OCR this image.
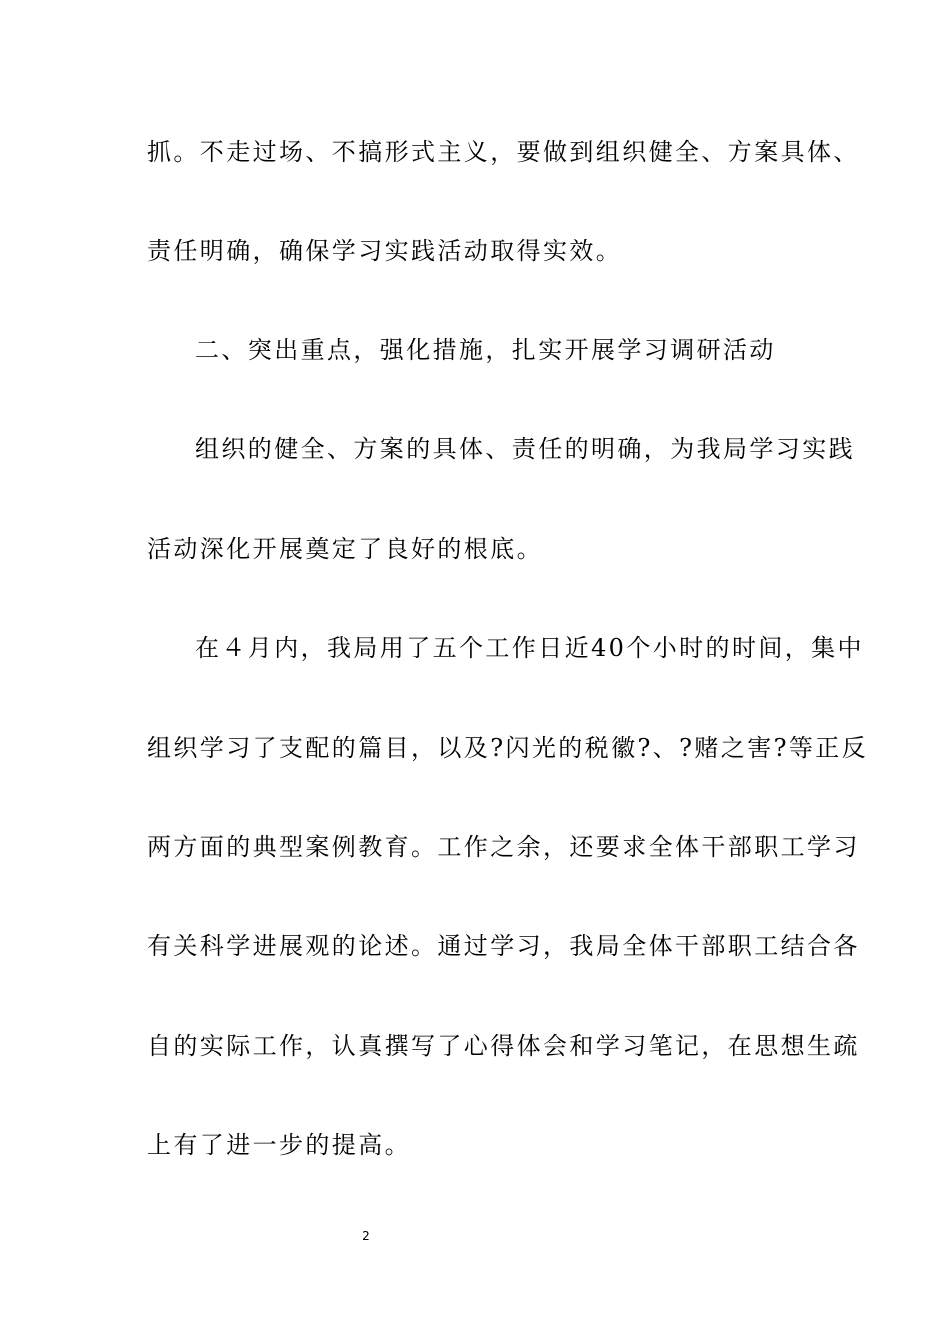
抓。不走过场、不搞形式主义，要做到组织健全、方案具体、
责任明确，确保学习实践活动取得实效。
二、突出重点，强化措施，扎实开展学习调研活动
组织的健全、方案的具体、责任的明确，为我局学习实践
活动深化开展奠定了良好的根底。
在４月内，我局用了五个工作日近40个小时的时间，集中
组织学习了支配的篇目，以及?闪光的税徽?、?赌之害?等正反
两方面的典型案例教育。工作之余，还要求全体干部职工学习
有关科学进展观的论述。通过学习，我局全体干部职工结合各
自的实际工作，认真撰写了心得体会和学习笔记，在思想生疏
上有了进一步的提高。
2
